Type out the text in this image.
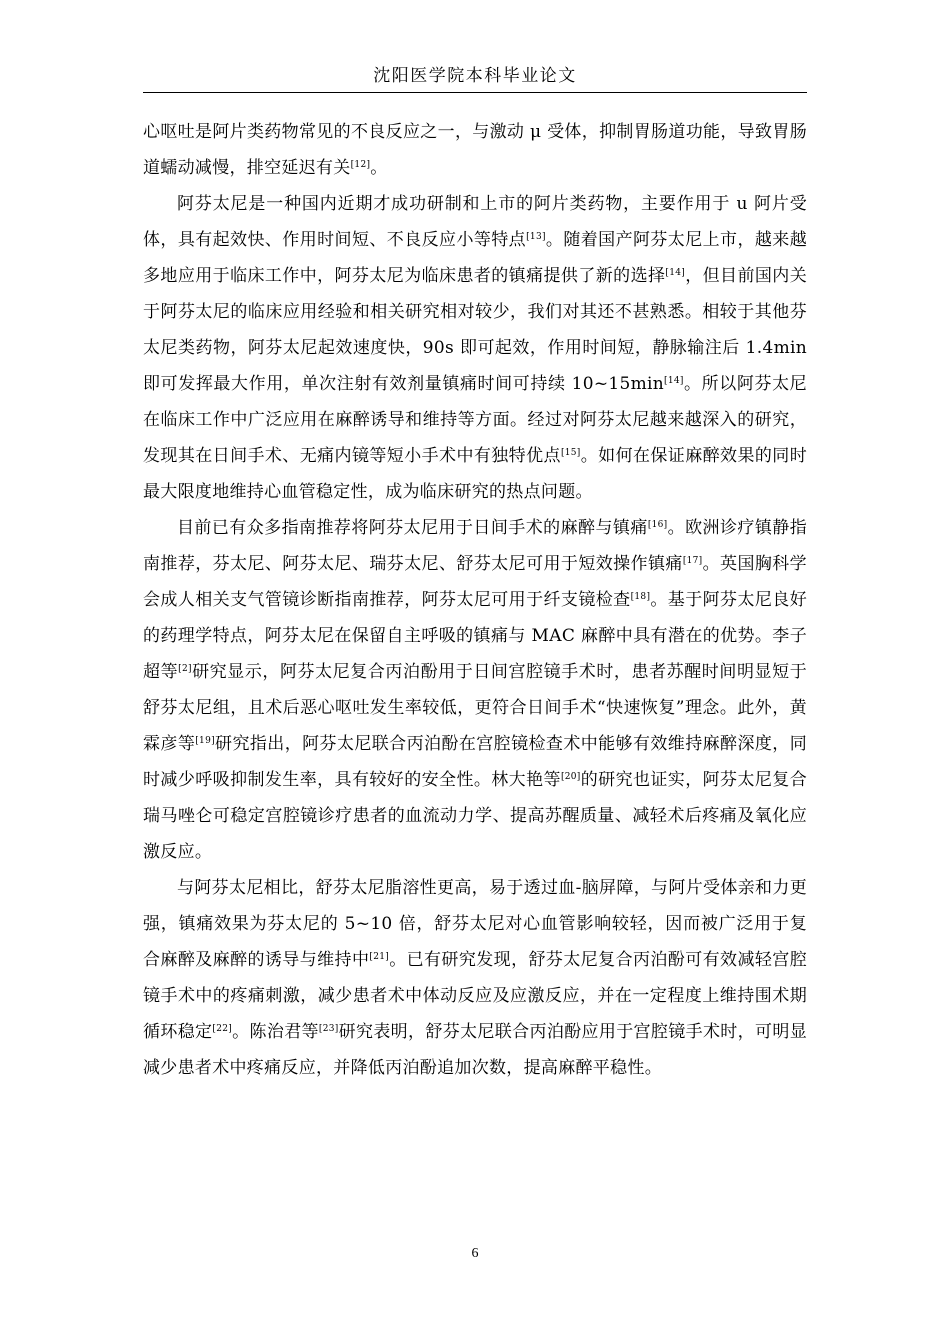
沈阳医学院本科毕业论文

心呕吐是阿片类药物常见的不良反应之一，与激动 μ 受体，抑制胃肠道功能，导致胃肠道蠕动减慢，排空延迟有关[12]。

阿芬太尼是一种国内近期才成功研制和上市的阿片类药物，主要作用于 u 阿片受体，具有起效快、作用时间短、不良反应小等特点[13]。随着国产阿芬太尼上市，越来越多地应用于临床工作中，阿芬太尼为临床患者的镇痛提供了新的选择[14]，但目前国内关于阿芬太尼的临床应用经验和相关研究相对较少，我们对其还不甚熟悉。相较于其他芬太尼类药物，阿芬太尼起效速度快，90s 即可起效，作用时间短，静脉输注后 1.4min 即可发挥最大作用，单次注射有效剂量镇痛时间可持续 10~15min[14]。所以阿芬太尼在临床工作中广泛应用在麻醉诱导和维持等方面。经过对阿芬太尼越来越深入的研究，发现其在日间手术、无痛内镜等短小手术中有独特优点[15]。如何在保证麻醉效果的同时最大限度地维持心血管稳定性，成为临床研究的热点问题。

目前已有众多指南推荐将阿芬太尼用于日间手术的麻醉与镇痛[16]。欧洲诊疗镇静指南推荐，芬太尼、阿芬太尼、瑞芬太尼、舒芬太尼可用于短效操作镇痛[17]。英国胸科学会成人相关支气管镜诊断指南推荐，阿芬太尼可用于纤支镜检查[18]。基于阿芬太尼良好的药理学特点，阿芬太尼在保留自主呼吸的镇痛与 MAC 麻醉中具有潜在的优势。李子超等[2]研究显示，阿芬太尼复合丙泊酚用于日间宫腔镜手术时，患者苏醒时间明显短于舒芬太尼组，且术后恶心呕吐发生率较低，更符合日间手术“快速恢复”理念。此外，黄霖彦等[19]研究指出，阿芬太尼联合丙泊酚在宫腔镜检查术中能够有效维持麻醉深度，同时减少呼吸抑制发生率，具有较好的安全性。林大艳等[20]的研究也证实，阿芬太尼复合瑞马唑仑可稳定宫腔镜诊疗患者的血流动力学、提高苏醒质量、减轻术后疼痛及氧化应激反应。

与阿芬太尼相比，舒芬太尼脂溶性更高，易于透过血-脑屏障，与阿片受体亲和力更强，镇痛效果为芬太尼的 5~10 倍，舒芬太尼对心血管影响较轻，因而被广泛用于复合麻醉及麻醉的诱导与维持中[21]。已有研究发现，舒芬太尼复合丙泊酚可有效减轻宫腔镜手术中的疼痛刺激，减少患者术中体动反应及应激反应，并在一定程度上维持围术期循环稳定[22]。陈治君等[23]研究表明，舒芬太尼联合丙泊酚应用于宫腔镜手术时，可明显减少患者术中疼痛反应，并降低丙泊酚追加次数，提高麻醉平稳性。

6
